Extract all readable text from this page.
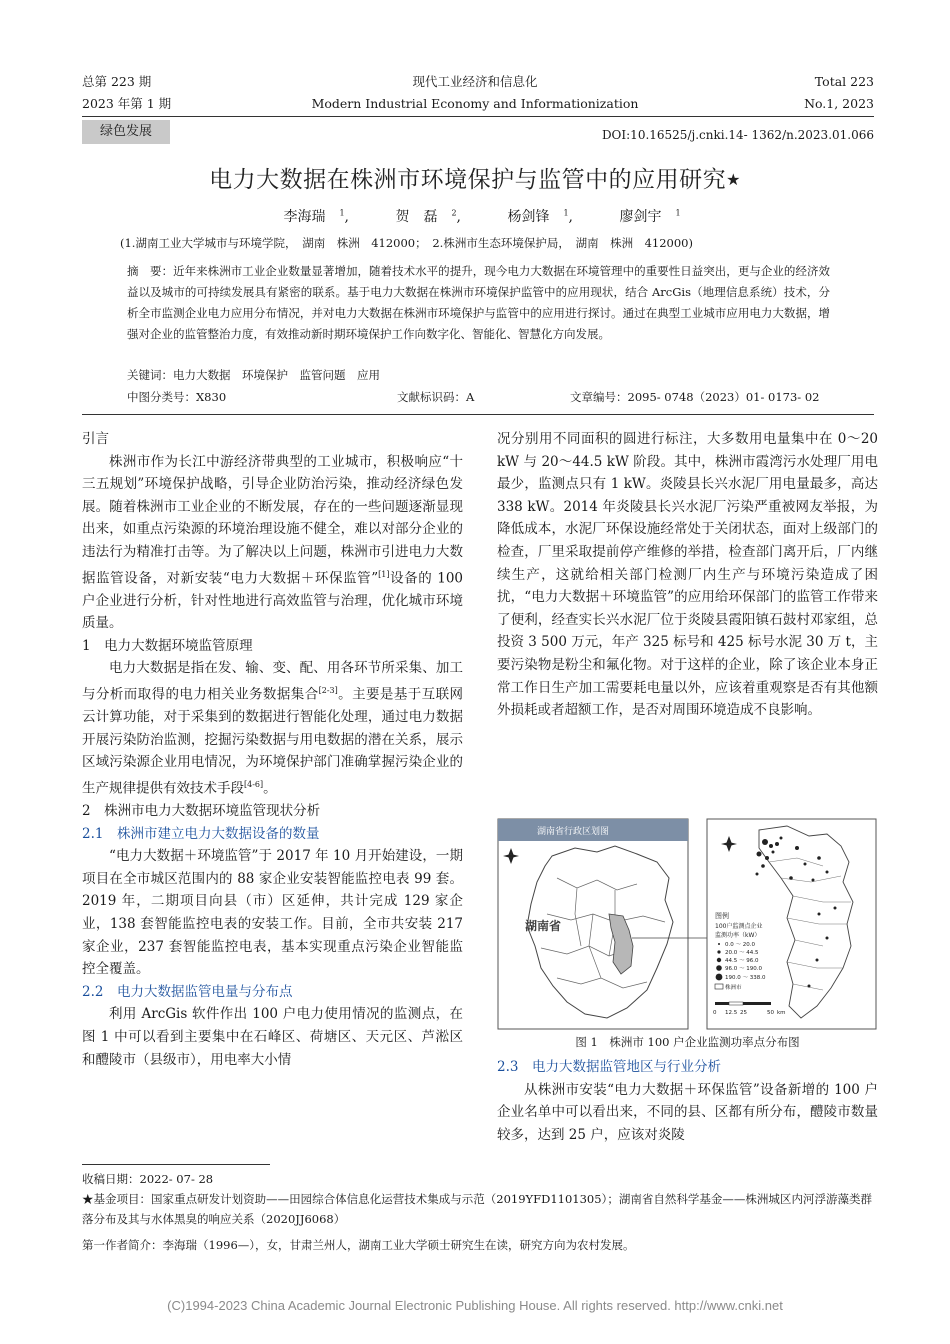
总第 223 期
2023 年第 1 期
现代工业经济和信息化
Modern Industrial Economy and Informationization
Total 223
No.1, 2023
绿色发展	DOI:10.16525/j.cnki.14- 1362/n.2023.01.066
电力大数据在株洲市环境保护与监管中的应用研究★
李海瑞 $^1$,	贺　磊 $^2$,	杨剑锋 $^1$,	廖剑宇 $^1$
(1.湖南工业大学城市与环境学院，　湖南　株洲　412000；　2.株洲市生态环境保护局，　湖南　株洲　412000)
摘　要：近年来株洲市工业企业数量显著增加，随着技术水平的提升，现今电力大数据在环境管理中的重要性日益突出，更与企业的经济效益以及城市的可持续发展具有紧密的联系。基于电力大数据在株洲市环境保护监管中的应用现状，结合 ArcGis（地理信息系统）技术，分析全市监测企业电力应用分布情况，并对电力大数据在株洲市环境保护与监管中的应用进行探讨。通过在典型工业城市应用电力大数据，增强对企业的监管整治力度，有效推动新时期环境保护工作向数字化、智能化、智慧化方向发展。
关键词：电力大数据　环境保护　监管问题　应用
中图分类号：X830	文献标识码：A	文章编号：2095- 0748（2023）01- 0173- 02
引言

株洲市作为长江中游经济带典型的工业城市，积极响应“十三五规划”环境保护战略，引导企业防治污染，推动经济绿色发展。随着株洲市工业企业的不断发展，存在的一些问题逐渐显现出来，如重点污染源的环境治理设施不健全，难以对部分企业的违法行为精准打击等。为了解决以上问题，株洲市引进电力大数据监管设备，对新安装“电力大数据＋环保监管”[1]设备的 100 户企业进行分析，针对性地进行高效监管与治理，优化城市环境质量。

1　电力大数据环境监管原理

电力大数据是指在发、输、变、配、用各环节所采集、加工与分析而取得的电力相关业务数据集合[2-3]。主要是基于互联网云计算功能，对于采集到的数据进行智能化处理，通过电力数据开展污染防治监测，挖掘污染数据与用电数据的潜在关系，展示区域污染源企业用电情况，为环境保护部门准确掌握污染企业的生产规律提供有效技术手段[4-6]。

2　株洲市电力大数据环境监管现状分析
2.1　株洲市建立电力大数据设备的数量

“电力大数据＋环境监管”于 2017 年 10 月开始建设，一期项目在全市城区范围内的 88 家企业安装智能监控电表 99 套。2019 年，二期项目向县（市）区延伸，共计完成 129 家企业，138 套智能监控电表的安装工作。目前，全市共安装 217 家企业，237 套智能监控电表，基本实现重点污染企业智能监控全覆盖。

2.2　电力大数据监管电量与分布点

利用 ArcGis 软件作出 100 户电力使用情况的监测点，在图 1 中可以看到主要集中在石峰区、荷塘区、天元区、芦淞区和醴陵市（县级市），用电率大小情

况分别用不同面积的圆进行标注，大多数用电量集中在 0～20 kW 与 20～44.5 kW 阶段。其中，株洲市霞湾污水处理厂用电最少，监测点只有 1 kW。炎陵县长兴水泥厂用电量最多，高达 338 kW。2014 年炎陵县长兴水泥厂污染严重被网友举报，为降低成本，水泥厂环保设施经常处于关闭状态，面对上级部门的检查，厂里采取提前停产维修的举措，检查部门离开后，厂内继续生产，这就给相关部门检测厂内生产与环境污染造成了困扰，“电力大数据＋环境监管”的应用给环保部门的监管工作带来了便利，经查实长兴水泥厂位于炎陵县霞阳镇石鼓村邓家组，总投资 3 500 万元，年产 325 标号和 425 标号水泥 30 万 t，主要污染物是粉尘和氟化物。对于这样的企业，除了该企业本身正常工作日生产加工需要耗电量以外，应该着重观察是否有其他额外损耗或者超额工作，是否对周围环境造成不良影响。
湖南省行政区划图
湖南省
图例
100户监测点企业
监测功率（kW）
0.0 ～ 20.0
20.0 ～ 44.5
44.5 ～ 96.0
96.0 ～ 190.0
190.0 ～ 338.0
株洲市
0 12.5 25	50 km
图 1　株洲市 100 户企业监测功率点分布图
2.3　电力大数据监管地区与行业分析

从株洲市安装“电力大数据＋环保监管”设备新增的 100 户企业名单中可以看出来，不同的县、区都有所分布，醴陵市数量较多，达到 25 户，应该对炎陵

收稿日期：2022- 07- 28
★基金项目：国家重点研发计划资助——田园综合体信息化运营技术集成与示范（2019YFD1101305）；湖南省自然科学基金——株洲城区内河浮游藻类群落分布及其与水体黑臭的响应关系（2020JJ6068）
第一作者简介：李海瑞（1996—），女，甘肃兰州人，湖南工业大学硕士研究生在读，研究方向为农村发展。
(C)1994-2023 China Academic Journal Electronic Publishing House. All rights reserved. http://www.cnki.net
